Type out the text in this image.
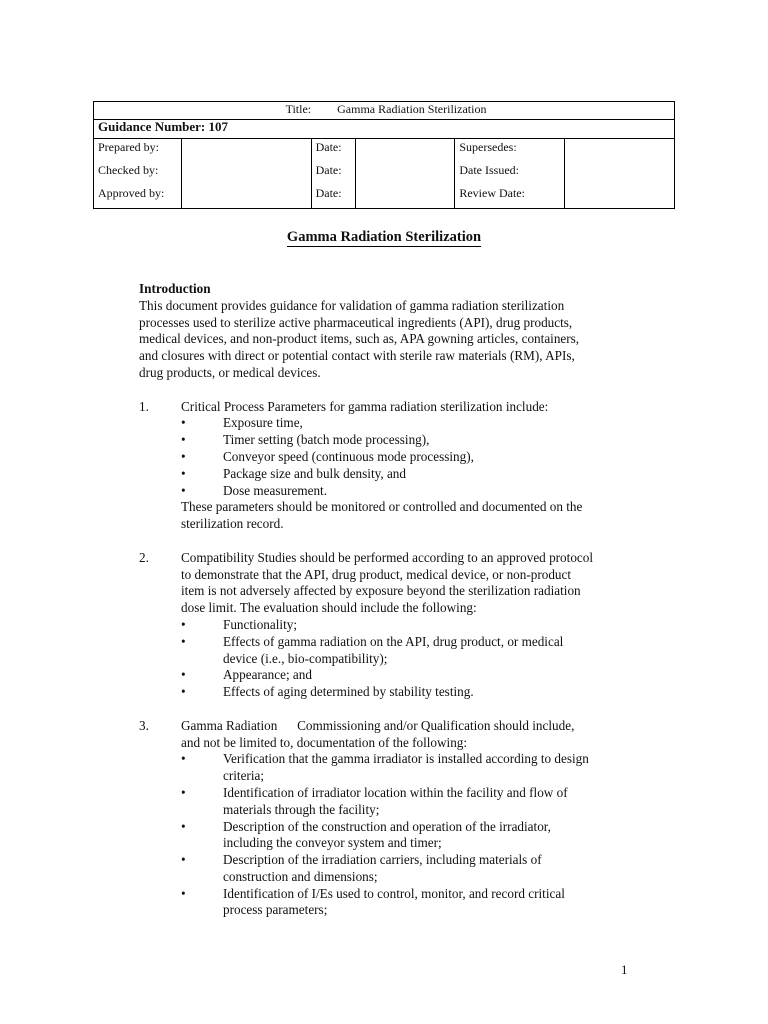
Title: Gamma Radiation Sterilization					
Guidance Number: 107					
Prepared by:		Date:		Supersedes:	
Checked by:		Date:		Date Issued:	
Approved by:		Date:		Review Date:	
Gamma Radiation Sterilization
Introduction
This document provides guidance for validation of gamma radiation sterilization
processes used to sterilize active pharmaceutical ingredients (API), drug products,
medical devices, and non-product items, such as, APA gowning articles, containers,
and closures with direct or potential contact with sterile raw materials (RM), APIs,
drug products, or medical devices.
1. Critical Process Parameters for gamma radiation sterilization include:
•	Exposure time,
•	Timer setting (batch mode processing),
•	Conveyor speed (continuous mode processing),
•	Package size and bulk density, and
•	Dose measurement.
These parameters should be monitored or controlled and documented on the
sterilization record.
2. Compatibility Studies should be performed according to an approved protocol
to demonstrate that the API, drug product, medical device, or non-product
item is not adversely affected by exposure beyond the sterilization radiation
dose limit. The evaluation should include the following:
•	Functionality;
•	Effects of gamma radiation on the API, drug product, or medical
device (i.e., bio-compatibility);
•	Appearance; and
•	Effects of aging determined by stability testing.
3. Gamma Radiation      Commissioning and/or Qualification should include,
and not be limited to, documentation of the following:
•	Verification that the gamma irradiator is installed according to design
criteria;
•	Identification of irradiator location within the facility and flow of
materials through the facility;
•	Description of the construction and operation of the irradiator,
including the conveyor system and timer;
•	Description of the irradiation carriers, including materials of
construction and dimensions;
•	Identification of I/Es used to control, monitor, and record critical
process parameters;
1
